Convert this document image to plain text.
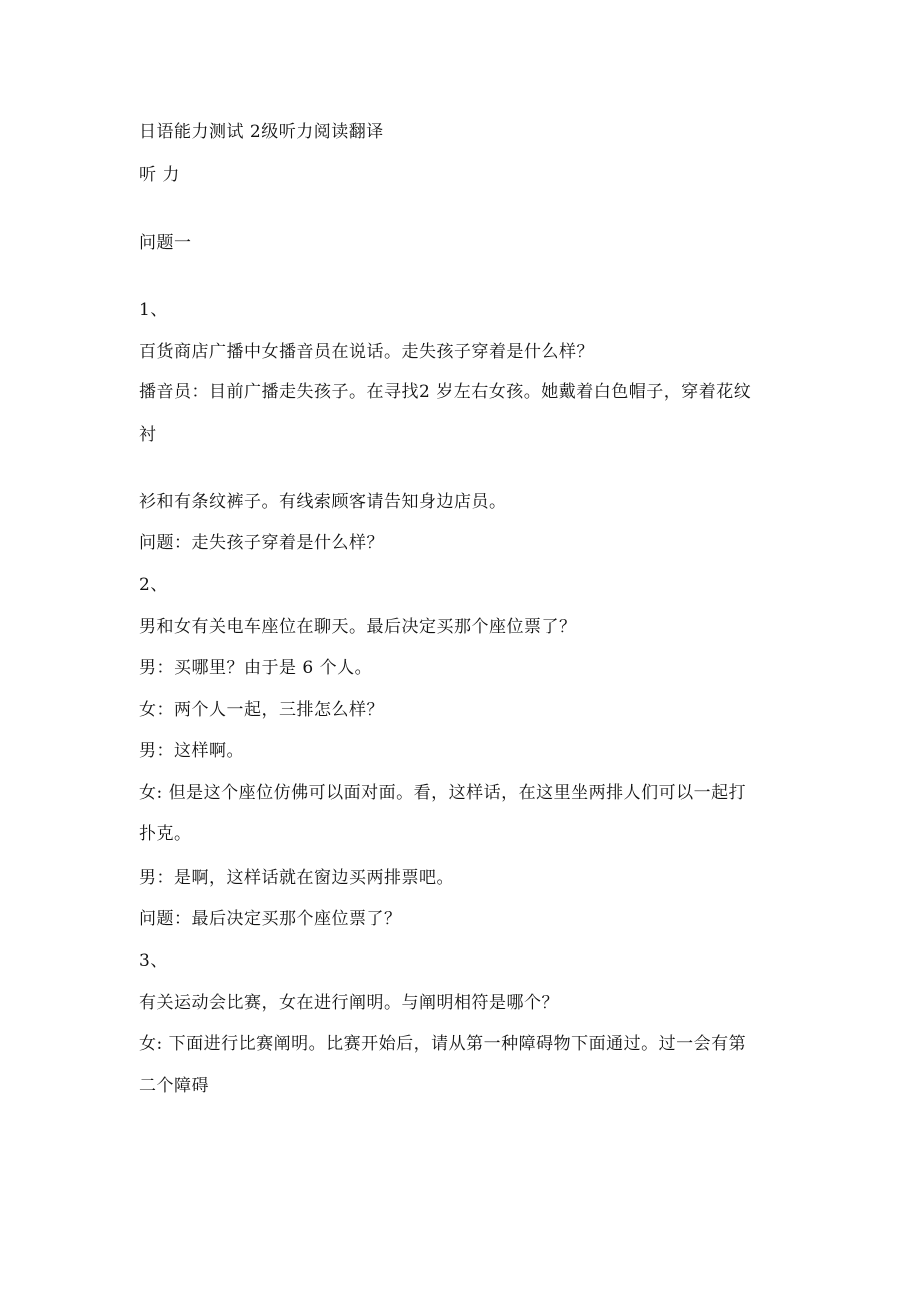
日语能力测试 2级听力阅读翻译
听 力
问题一
1、
百货商店广播中女播音员在说话。走失孩子穿着是什么样？
播音员：目前广播走失孩子。在寻找2 岁左右女孩。她戴着白色帽子，穿着花纹
衬
衫和有条纹裤子。有线索顾客请告知身边店员。
问题：走失孩子穿着是什么样？
2、
男和女有关电车座位在聊天。最后决定买那个座位票了？
男：买哪里？由于是 6 个人。
女：两个人一起，三排怎么样？
男：这样啊。
女: 但是这个座位仿佛可以面对面。看，这样话，在这里坐两排人们可以一起打
扑克。
男：是啊，这样话就在窗边买两排票吧。
问题：最后决定买那个座位票了？
3、
有关运动会比赛，女在进行阐明。与阐明相符是哪个？
女: 下面进行比赛阐明。比赛开始后，请从第一种障碍物下面通过。过一会有第
二个障碍
